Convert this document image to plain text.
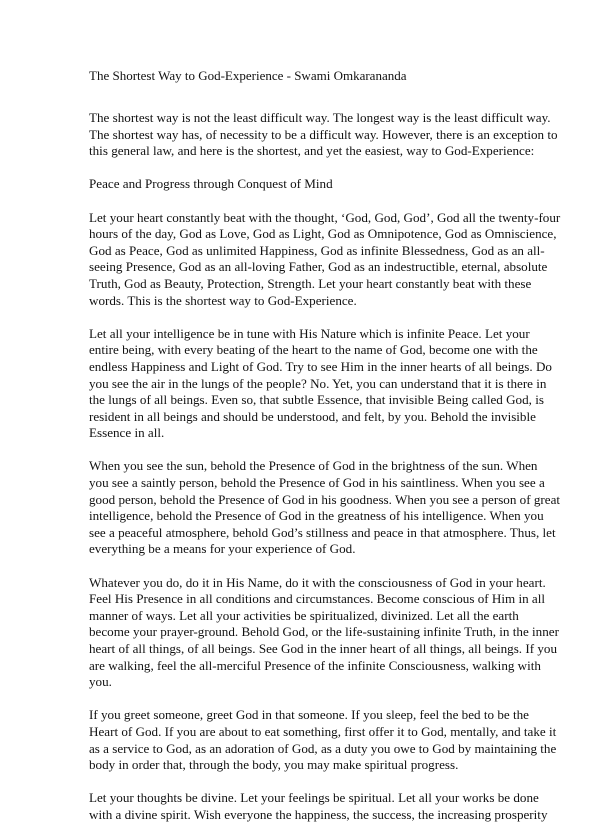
The Shortest Way to God-Experience - Swami Omkarananda
The shortest way is not the least difficult way. The longest way is the least difficult way.
The shortest way has, of necessity to be a difficult way. However, there is an exception to
this general law, and here is the shortest, and yet the easiest, way to God-Experience:
Peace and Progress through Conquest of Mind
Let your heart constantly beat with the thought, ‘God, God, God’, God all the twenty-four
hours of the day, God as Love, God as Light, God as Omnipotence, God as Omniscience,
God as Peace, God as unlimited Happiness, God as infinite Blessedness, God as an all-
seeing Presence, God as an all-loving Father, God as an indestructible, eternal, absolute
Truth, God as Beauty, Protection, Strength. Let your heart constantly beat with these
words. This is the shortest way to God-Experience.
Let all your intelligence be in tune with His Nature which is infinite Peace. Let your
entire being, with every beating of the heart to the name of God, become one with the
endless Happiness and Light of God. Try to see Him in the inner hearts of all beings. Do
you see the air in the lungs of the people? No. Yet, you can understand that it is there in
the lungs of all beings. Even so, that subtle Essence, that invisible Being called God, is
resident in all beings and should be understood, and felt, by you. Behold the invisible
Essence in all.
When you see the sun, behold the Presence of God in the brightness of the sun. When
you see a saintly person, behold the Presence of God in his saintliness. When you see a
good person, behold the Presence of God in his goodness. When you see a person of great
intelligence, behold the Presence of God in the greatness of his intelligence. When you
see a peaceful atmosphere, behold God’s stillness and peace in that atmosphere. Thus, let
everything be a means for your experience of God.
Whatever you do, do it in His Name, do it with the consciousness of God in your heart.
Feel His Presence in all conditions and circumstances. Become conscious of Him in all
manner of ways. Let all your activities be spiritualized, divinized. Let all the earth
become your prayer-ground. Behold God, or the life-sustaining infinite Truth, in the inner
heart of all things, of all beings. See God in the inner heart of all things, all beings. If you
are walking, feel the all-merciful Presence of the infinite Consciousness, walking with
you.
If you greet someone, greet God in that someone. If you sleep, feel the bed to be the
Heart of God. If you are about to eat something, first offer it to God, mentally, and take it
as a service to God, as an adoration of God, as a duty you owe to God by maintaining the
body in order that, through the body, you may make spiritual progress.
Let your thoughts be divine. Let your feelings be spiritual. Let all your works be done
with a divine spirit. Wish everyone the happiness, the success, the increasing prosperity
